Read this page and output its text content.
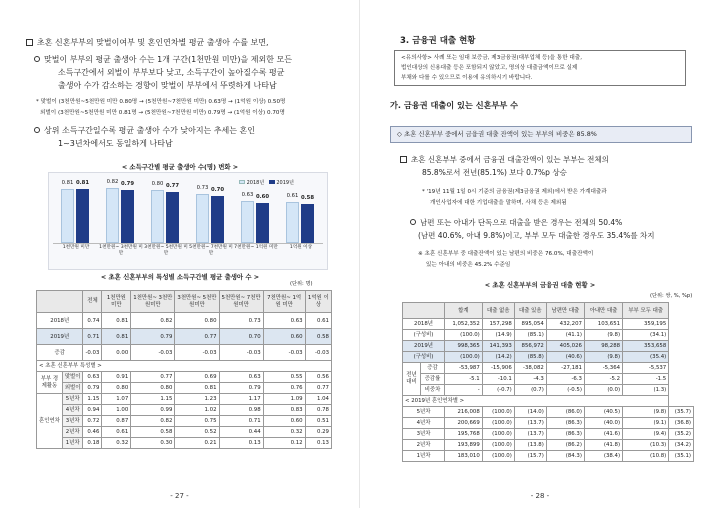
초혼 신혼부부의 맞벌이여부 및 혼인연차별 평균 출생아 수를 보면,
맞벌이 부부의 평균 출생아 수는 1개 구간(1천만원 미만)을 제외한 모든
소득구간에서 외벌이 부부보다 낮고, 소득구간이 높아질수록 평균
출생아 수가 감소하는 경향이 맞벌이 부부에서 뚜렷하게 나타남
* 맞벌이 (3천만원~5천만원 미만 0.80명 → (5천만원~7천만원 미만) 0.63명 → (1억원 이상) 0.50명
외벌이 (3천만원~5천만원 미만 0.81명 → (5천만원~7천만원 미만) 0.79명 → (1억원 이상) 0.70명
상위 소득구간일수록 평균 출생아 수가 낮아지는 추세는 혼인
1~3년차에서도 동일하게 나타남
< 소득구간별 평균 출생아 수(명) 변화 >
2018년 2019년
0.81 0.81
1천만원 미만
0.82 0.79
1천만원~ 3천만원 미만
0.80 0.77
3천만원~ 5천만원 미만
0.73 0.70
5천만원~ 7천만원 미만
0.63 0.60
7천만원~ 1억원 미만
0.61 0.58
1억원 이상
< 초혼 신혼부부의 특성별 소득구간별 평균 출생아 수 >
(단위: 명)
		전체	1천만원 미만	1천만원~ 3천만원미만	3천만원~ 5천만원미만	5천만원~ 7천만원미만	7천만원~ 1억원 미만	1억원 이상
2018년		0.74	0.81	0.82	0.80	0.73	0.63	0.61
2019년		0.71	0.81	0.79	0.77	0.70	0.60	0.58
증감		-0.03	0.00	-0.03	-0.03	-0.03	-0.03	-0.03
< 초혼 신혼부부 특성별 >								
부부 경제활동	맞벌이	0.63	0.91	0.77	0.69	0.63	0.55	0.56
	외벌이	0.79	0.80	0.80	0.81	0.79	0.76	0.77
혼인연차	5년차	1.15	1.07	1.15	1.23	1.17	1.09	1.04
	4년차	0.94	1.00	0.99	1.02	0.98	0.83	0.78
	3년차	0.72	0.87	0.82	0.75	0.71	0.60	0.51
	2년차	0.46	0.61	0.58	0.52	0.44	0.32	0.29
	1년차	0.18	0.32	0.30	0.21	0.13	0.12	0.13
- 27 -
3. 금융권 대출 현황
<유의사항> 사례 또는 임대 보증금, 제3금융권(대부업체 등)을 통한 대출,
법인대상의 신용대출 등은 포함되지 않았고, 명의상 대출금액이므로 실제
부채와 다를 수 있으므로 이용에 유의하시기 바랍니다.
가. 금융권 대출이 있는 신혼부부 수
◇ 초혼 신혼부부 중에서 금융권 대출 잔액이 있는 부부의 비중은 85.8%
초혼 신혼부부 중에서 금융권 대출잔액이 있는 부부는 전체의
85.8%로서 전년(85.1%) 보다 0.7%p 상승
* '19년 11월 1일 0시 기준의 금융권(제3금융권 제외)에서 받은 가계대출과
개인사업자에 대한 기업대출을 말하며, 사채 등은 제외됨
남편 또는 아내가 단독으로 대출을 받은 경우는 전체의 50.4%
(남편 40.6%, 아내 9.8%)이고, 부부 모두 대출한 경우도 35.4%를 차지
※ 초혼 신혼부부 중 대출잔액이 있는 남편의 비중은 76.0%, 대출잔액이
있는 아내의 비중은 45.2% 수준임
< 초혼 신혼부부의 금융권 대출 현황 >
(단위: 쌍, %, %p)
		합계	대출 없음	대출 있음	남편만 대출	아내만 대출	부부 모두 대출	
2018년		1,052,352	157,298	895,054	432,207	103,651	359,195	
(구성비)		(100.0)	(14.9)	(85.1)	(41.1)	(9.8)	(34.1)	
2019년		998,365	141,393	856,972	405,026	98,288	353,658	
(구성비)		(100.0)	(14.2)	(85.8)	(40.6)	(9.8)	(35.4)	
전년 대비	증감	-53,987	-15,906	-38,082	-27,181	-5,364	-5,537	
	증감률	-5.1	-10.1	-4.3	-6.3	-5.2	-1.5	
	비중차	-	(-0.7)	(0.7)	(-0.5)	(0.0)	(1.3)	
< 2019년 혼인연차별 >								
5년차		216,008	(100.0)	(14.0)	(86.0)	(40.5)	(9.8)	(35.7)
4년차		200,669	(100.0)	(13.7)	(86.3)	(40.0)	(9.1)	(36.8)
3년차		195,768	(100.0)	(13.7)	(86.3)	(41.6)	(9.4)	(35.2)
2년차		193,899	(100.0)	(13.8)	(86.2)	(41.8)	(10.3)	(34.2)
1년차		183,010	(100.0)	(15.7)	(84.3)	(38.4)	(10.8)	(35.1)
- 28 -
